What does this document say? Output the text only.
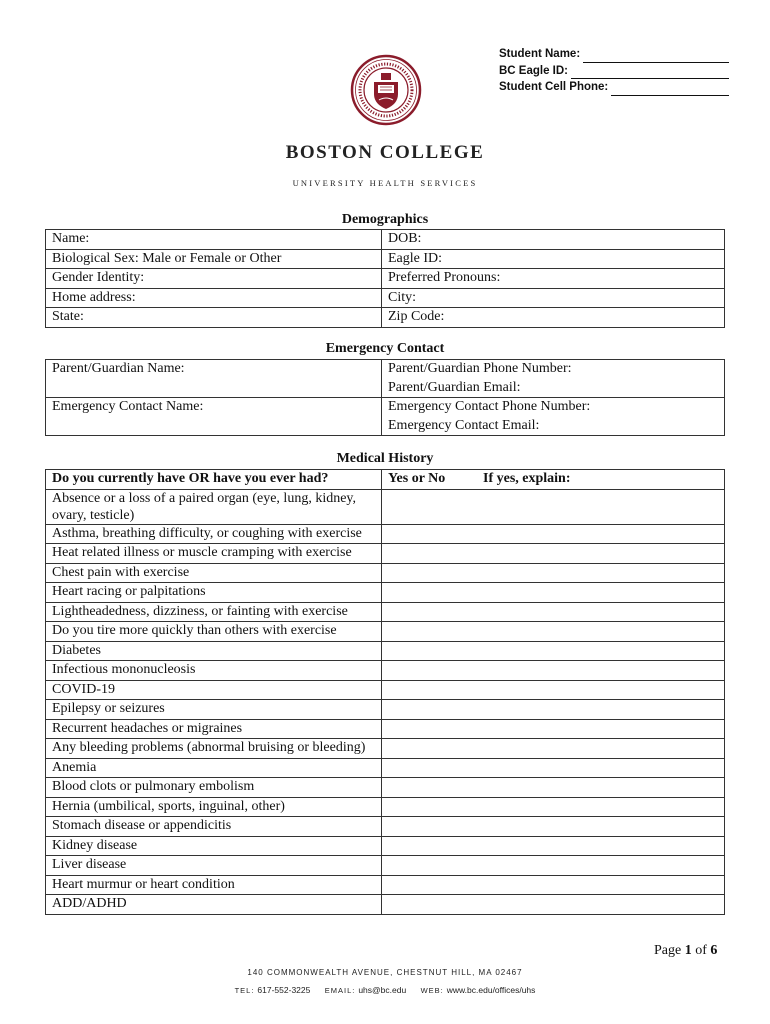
Student Name:
BC Eagle ID:
Student Cell Phone:
BOSTON COLLEGE
UNIVERSITY HEALTH SERVICES
Demographics
Name:	DOB:
Biological Sex: Male or Female or Other	Eagle ID:
Gender Identity:	Preferred Pronouns:
Home address:	City:
State:	Zip Code:
Emergency Contact
Parent/Guardian Name:	Parent/Guardian Phone Number:
	Parent/Guardian Email:
Emergency Contact Name:	Emergency Contact Phone Number:
	Emergency Contact Email:
Medical History
Do you currently have OR have you ever had?	Yes or No If yes, explain:
Absence or a loss of a paired organ (eye, lung, kidney, ovary, testicle)	
Asthma, breathing difficulty, or coughing with exercise	
Heat related illness or muscle cramping with exercise	
Chest pain with exercise	
Heart racing or palpitations	
Lightheadedness, dizziness, or fainting with exercise	
Do you tire more quickly than others with exercise	
Diabetes	
Infectious mononucleosis	
COVID-19	
Epilepsy or seizures	
Recurrent headaches or migraines	
Any bleeding problems (abnormal bruising or bleeding)	
Anemia	
Blood clots or pulmonary embolism	
Hernia (umbilical, sports, inguinal, other)	
Stomach disease or appendicitis	
Kidney disease	
Liver disease	
Heart murmur or heart condition	
ADD/ADHD	
Page 1 of 6
140 COMMONWEALTH AVENUE, CHESTNUT HILL, MA 02467
TEL: 617-552-3225 EMAIL: uhs@bc.edu WEB: www.bc.edu/offices/uhs
